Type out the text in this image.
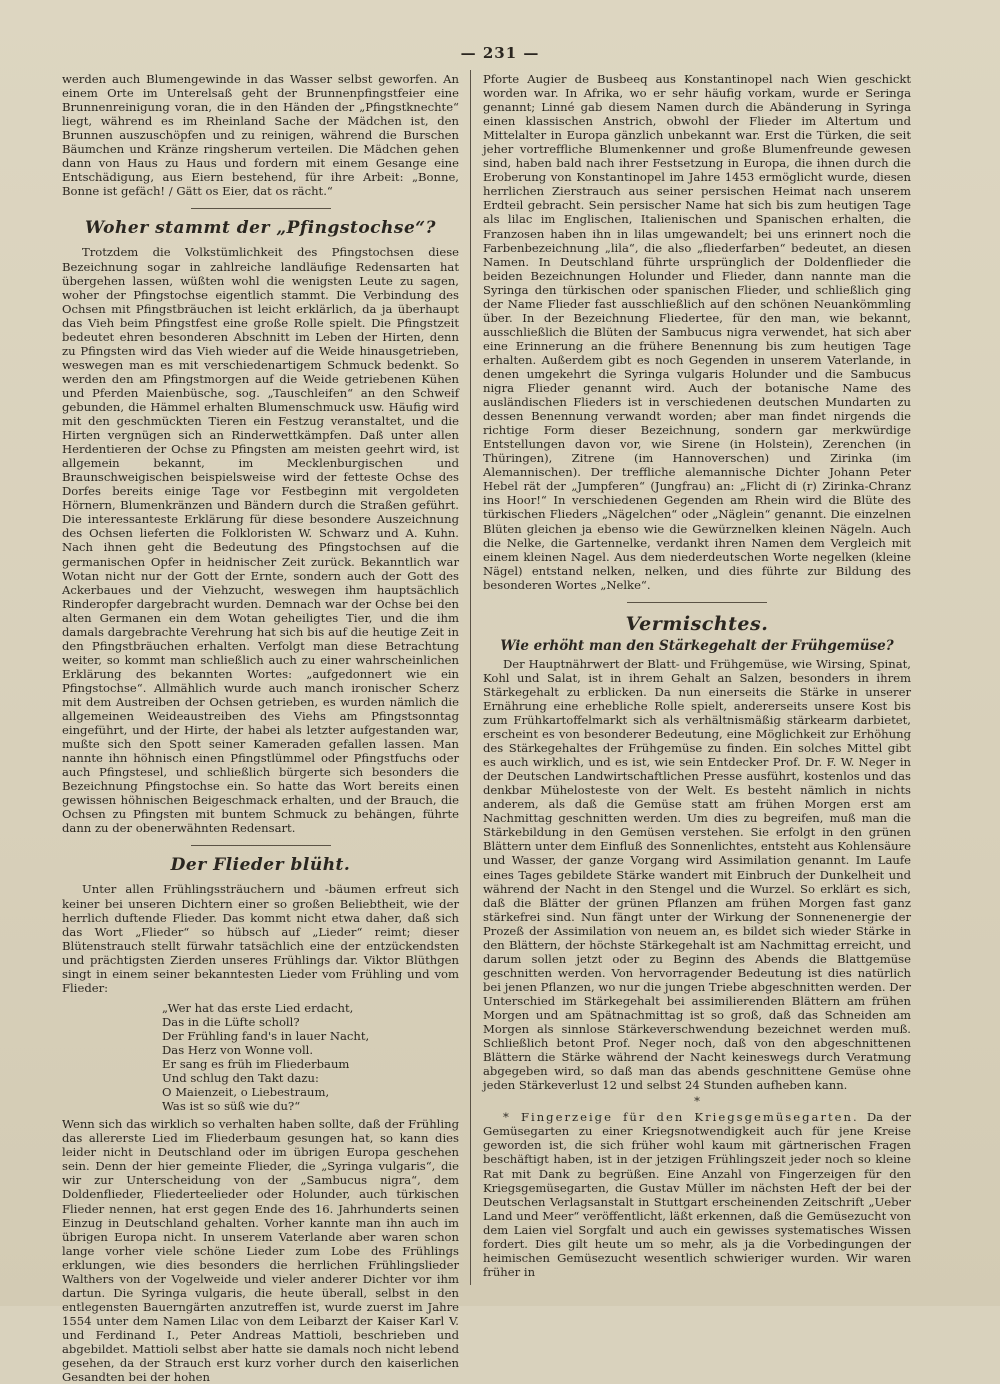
— 231 —

werden auch Blumengewinde in das Wasser selbst geworfen. An einem Orte im Unterelsaß geht der Brunnenpfingstfeier eine Brunnenreinigung voran, die in den Händen der „Pfingstknechte“ liegt, während es im Rheinland Sache der Mädchen ist, den Brunnen auszuschöpfen und zu reinigen, während die Burschen Bäumchen und Kränze ringsherum verteilen. Die Mädchen gehen dann von Haus zu Haus und fordern mit einem Gesange eine Entschädigung, aus Eiern bestehend, für ihre Arbeit: „Bonne, Bonne ist gefäch! / Gätt os Eier, dat os rächt.“

Woher stammt der „Pfingstochse“?

Trotzdem die Volkstümlichkeit des Pfingstochsen diese Bezeichnung sogar in zahlreiche landläufige Redensarten hat übergehen lassen, wüßten wohl die wenigsten Leute zu sagen, woher der Pfingstochse eigentlich stammt. Die Verbindung des Ochsen mit Pfingstbräuchen ist leicht erklärlich, da ja überhaupt das Vieh beim Pfingstfest eine große Rolle spielt. Die Pfingstzeit bedeutet ehren besonderen Abschnitt im Leben der Hirten, denn zu Pfingsten wird das Vieh wieder auf die Weide hinausgetrieben, weswegen man es mit verschiedenartigem Schmuck bedenkt. So werden den am Pfingstmorgen auf die Weide getriebenen Kühen und Pferden Maienbüsche, sog. „Tauschleifen“ an den Schweif gebunden, die Hämmel erhalten Blumenschmuck usw. Häufig wird mit den geschmückten Tieren ein Festzug veranstaltet, und die Hirten vergnügen sich an Rinderwettkämpfen. Daß unter allen Herdentieren der Ochse zu Pfingsten am meisten geehrt wird, ist allgemein bekannt, im Mecklenburgischen und Braunschweigischen beispielsweise wird der fetteste Ochse des Dorfes bereits einige Tage vor Festbeginn mit vergoldeten Hörnern, Blumenkränzen und Bändern durch die Straßen geführt. Die interessanteste Erklärung für diese besondere Auszeichnung des Ochsen lieferten die Folkloristen W. Schwarz und A. Kuhn. Nach ihnen geht die Bedeutung des Pfingstochsen auf die germanischen Opfer in heidnischer Zeit zurück. Bekanntlich war Wotan nicht nur der Gott der Ernte, sondern auch der Gott des Ackerbaues und der Viehzucht, weswegen ihm hauptsächlich Rinderopfer dargebracht wurden. Demnach war der Ochse bei den alten Germanen ein dem Wotan geheiligtes Tier, und die ihm damals dargebrachte Verehrung hat sich bis auf die heutige Zeit in den Pfingstbräuchen erhalten. Verfolgt man diese Betrachtung weiter, so kommt man schließlich auch zu einer wahrscheinlichen Erklärung des bekannten Wortes: „aufgedonnert wie ein Pfingstochse“. Allmählich wurde auch manch ironischer Scherz mit dem Austreiben der Ochsen getrieben, es wurden nämlich die allgemeinen Weideaustreiben des Viehs am Pfingstsonntag eingeführt, und der Hirte, der habei als letzter aufgestanden war, mußte sich den Spott seiner Kameraden gefallen lassen. Man nannte ihn höhnisch einen Pfingstlümmel oder Pfingstfuchs oder auch Pfingstesel, und schließlich bürgerte sich besonders die Bezeichnung Pfingstochse ein. So hatte das Wort bereits einen gewissen höhnischen Beigeschmack erhalten, und der Brauch, die Ochsen zu Pfingsten mit buntem Schmuck zu behängen, führte dann zu der obenerwähnten Redensart.

Der Flieder blüht.

Unter allen Frühlingssträuchern und -bäumen erfreut sich keiner bei unseren Dichtern einer so großen Beliebtheit, wie der herrlich duftende Flieder. Das kommt nicht etwa daher, daß sich das Wort „Flieder“ so hübsch auf „Lieder“ reimt; dieser Blütenstrauch stellt fürwahr tatsächlich eine der entzückendsten und prächtigsten Zierden unseres Frühlings dar. Viktor Blüthgen singt in einem seiner bekanntesten Lieder vom Frühling und vom Flieder:

„Wer hat das erste Lied erdacht,
Das in die Lüfte scholl?
Der Frühling fand's in lauer Nacht,
Das Herz von Wonne voll.
Er sang es früh im Fliederbaum
Und schlug den Takt dazu:
O Maienzeit, o Liebestraum,
Was ist so süß wie du?“

Wenn sich das wirklich so verhalten haben sollte, daß der Frühling das allererste Lied im Fliederbaum gesungen hat, so kann dies leider nicht in Deutschland oder im übrigen Europa geschehen sein. Denn der hier gemeinte Flieder, die „Syringa vulgaris“, die wir zur Unterscheidung von der „Sambucus nigra“, dem Doldenflieder, Fliederteelieder oder Holunder, auch türkischen Flieder nennen, hat erst gegen Ende des 16. Jahrhunderts seinen Einzug in Deutschland gehalten. Vorher kannte man ihn auch im übrigen Europa nicht. In unserem Vaterlande aber waren schon lange vorher viele schöne Lieder zum Lobe des Frühlings erklungen, wie dies besonders die herrlichen Frühlingslieder Walthers von der Vogelweide und vieler anderer Dichter vor ihm dartun. Die Syringa vulgaris, die heute überall, selbst in den entlegensten Bauerngärten anzutreffen ist, wurde zuerst im Jahre 1554 unter dem Namen Lilac von dem Leibarzt der Kaiser Karl V. und Ferdinand I., Peter Andreas Mattioli, beschrieben und abgebildet. Mattioli selbst aber hatte sie damals noch nicht lebend gesehen, da der Strauch erst kurz vorher durch den kaiserlichen Gesandten bei der hohen

Pforte Augier de Busbeeq aus Konstantinopel nach Wien geschickt worden war. In Afrika, wo er sehr häufig vorkam, wurde er Seringa genannt; Linné gab diesem Namen durch die Abänderung in Syringa einen klassischen Anstrich, obwohl der Flieder im Altertum und Mittelalter in Europa gänzlich unbekannt war. Erst die Türken, die seit jeher vortreffliche Blumenkenner und große Blumenfreunde gewesen sind, haben bald nach ihrer Festsetzung in Europa, die ihnen durch die Eroberung von Konstantinopel im Jahre 1453 ermöglicht wurde, diesen herrlichen Zierstrauch aus seiner persischen Heimat nach unserem Erdteil gebracht. Sein persischer Name hat sich bis zum heutigen Tage als lilac im Englischen, Italienischen und Spanischen erhalten, die Franzosen haben ihn in lilas umgewandelt; bei uns erinnert noch die Farbenbezeichnung „lila“, die also „fliederfarben“ bedeutet, an diesen Namen. In Deutschland führte ursprünglich der Doldenflieder die beiden Bezeichnungen Holunder und Flieder, dann nannte man die Syringa den türkischen oder spanischen Flieder, und schließlich ging der Name Flieder fast ausschließlich auf den schönen Neuankömmling über. In der Bezeichnung Fliedertee, für den man, wie bekannt, ausschließlich die Blüten der Sambucus nigra verwendet, hat sich aber eine Erinnerung an die frühere Benennung bis zum heutigen Tage erhalten. Außerdem gibt es noch Gegenden in unserem Vaterlande, in denen umgekehrt die Syringa vulgaris Holunder und die Sambucus nigra Flieder genannt wird. Auch der botanische Name des ausländischen Flieders ist in verschiedenen deutschen Mundarten zu dessen Benennung verwandt worden; aber man findet nirgends die richtige Form dieser Bezeichnung, sondern gar merkwürdige Entstellungen davon vor, wie Sirene (in Holstein), Zerenchen (in Thüringen), Zitrene (im Hannoverschen) und Zirinka (im Alemannischen). Der treffliche alemannische Dichter Johann Peter Hebel rät der „Jumpferen“ (Jungfrau) an: „Flicht di (r) Zirinka-Chranz ins Hoor!“ In verschiedenen Gegenden am Rhein wird die Blüte des türkischen Flieders „Nägelchen“ oder „Näglein“ genannt. Die einzelnen Blüten gleichen ja ebenso wie die Gewürznelken kleinen Nägeln. Auch die Nelke, die Gartennelke, verdankt ihren Namen dem Vergleich mit einem kleinen Nagel. Aus dem niederdeutschen Worte negelken (kleine Nägel) entstand nelken, nelken, und dies führte zur Bildung des besonderen Wortes „Nelke“.

Vermischtes.
Wie erhöht man den Stärkegehalt der Frühgemüse?

Der Hauptnährwert der Blatt- und Frühgemüse, wie Wirsing, Spinat, Kohl und Salat, ist in ihrem Gehalt an Salzen, besonders in ihrem Stärkegehalt zu erblicken. Da nun einerseits die Stärke in unserer Ernährung eine erhebliche Rolle spielt, andererseits unsere Kost bis zum Frühkartoffelmarkt sich als verhältnismäßig stärkearm darbietet, erscheint es von besonderer Bedeutung, eine Möglichkeit zur Erhöhung des Stärkegehaltes der Frühgemüse zu finden. Ein solches Mittel gibt es auch wirklich, und es ist, wie sein Entdecker Prof. Dr. F. W. Neger in der Deutschen Landwirtschaftlichen Presse ausführt, kostenlos und das denkbar Mühelosteste von der Welt. Es besteht nämlich in nichts anderem, als daß die Gemüse statt am frühen Morgen erst am Nachmittag geschnitten werden. Um dies zu begreifen, muß man die Stärkebildung in den Gemüsen verstehen. Sie erfolgt in den grünen Blättern unter dem Einfluß des Sonnenlichtes, entsteht aus Kohlensäure und Wasser, der ganze Vorgang wird Assimilation genannt. Im Laufe eines Tages gebildete Stärke wandert mit Einbruch der Dunkelheit und während der Nacht in den Stengel und die Wurzel. So erklärt es sich, daß die Blätter der grünen Pflanzen am frühen Morgen fast ganz stärkefrei sind. Nun fängt unter der Wirkung der Sonnenenergie der Prozeß der Assimilation von neuem an, es bildet sich wieder Stärke in den Blättern, der höchste Stärkegehalt ist am Nachmittag erreicht, und darum sollen jetzt oder zu Beginn des Abends die Blattgemüse geschnitten werden. Von hervorragender Bedeutung ist dies natürlich bei jenen Pflanzen, wo nur die jungen Triebe abgeschnitten werden. Der Unterschied im Stärkegehalt bei assimilierenden Blättern am frühen Morgen und am Spätnachmittag ist so groß, daß das Schneiden am Morgen als sinnlose Stärkeverschwendung bezeichnet werden muß. Schließlich betont Prof. Neger noch, daß von den abgeschnittenen Blättern die Stärke während der Nacht keineswegs durch Veratmung abgegeben wird, so daß man das abends geschnittene Gemüse ohne jeden Stärkeverlust 12 und selbst 24 Stunden aufheben kann.

*

* Fingerzeige für den Kriegsgemüsegarten. Da der Gemüsegarten zu einer Kriegsnotwendigkeit auch für jene Kreise geworden ist, die sich früher wohl kaum mit gärtnerischen Fragen beschäftigt haben, ist in der jetzigen Frühlingszeit jeder noch so kleine Rat mit Dank zu begrüßen. Eine Anzahl von Fingerzeigen für den Kriegsgemüsegarten, die Gustav Müller im nächsten Heft der bei der Deutschen Verlagsanstalt in Stuttgart erscheinenden Zeitschrift „Ueber Land und Meer“ veröffentlicht, läßt erkennen, daß die Gemüsezucht von dem Laien viel Sorgfalt und auch ein gewisses systematisches Wissen fordert. Dies gilt heute um so mehr, als ja die Vorbedingungen der heimischen Gemüsezucht wesentlich schwieriger wurden. Wir waren früher in
